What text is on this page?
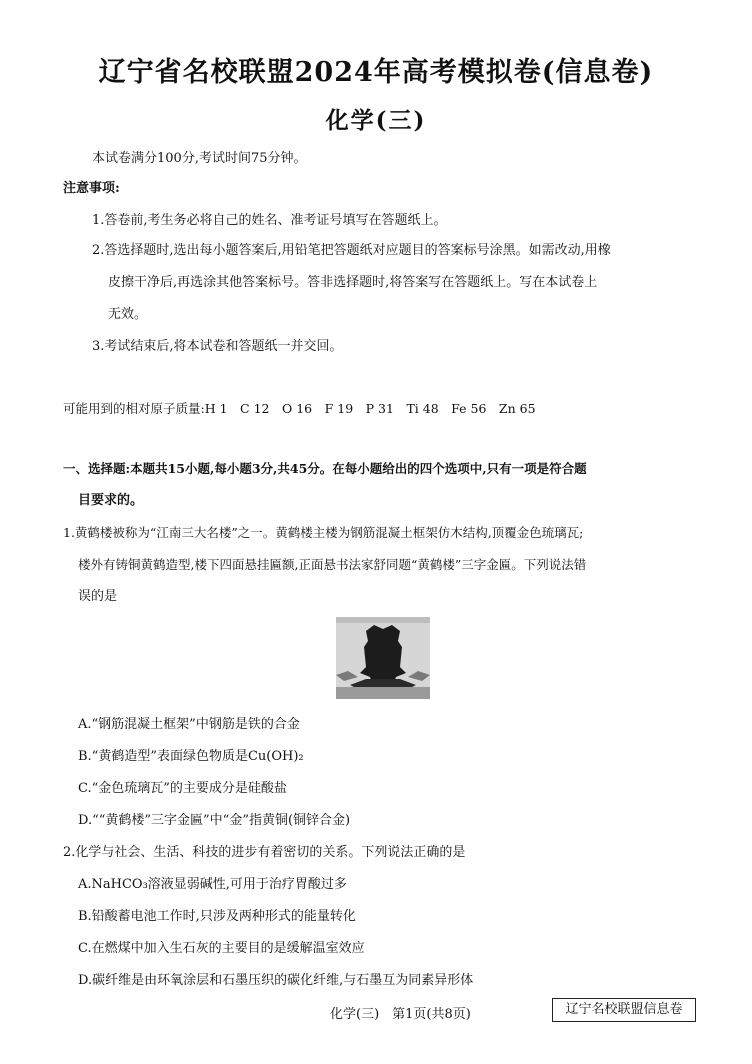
辽宁省名校联盟2024年高考模拟卷(信息卷)
化学(三)
本试卷满分100分,考试时间75分钟。
注意事项:
1.答卷前,考生务必将自己的姓名、准考证号填写在答题纸上。
2.答选择题时,选出每小题答案后,用铅笔把答题纸对应题目的答案标号涂黑。如需改动,用橡
皮擦干净后,再选涂其他答案标号。答非选择题时,将答案写在答题纸上。写在本试卷上
无效。
3.考试结束后,将本试卷和答题纸一并交回。
可能用到的相对原子质量:H 1　C 12　O 16　F 19　P 31　Ti 48　Fe 56　Zn 65
一、选择题:本题共15小题,每小题3分,共45分。在每小题给出的四个选项中,只有一项是符合题
目要求的。
1.黄鹤楼被称为“江南三大名楼”之一。黄鹤楼主楼为钢筋混凝土框架仿木结构,顶覆金色琉璃瓦;
楼外有铸铜黄鹤造型,楼下四面悬挂匾额,正面悬书法家舒同题“黄鹤楼”三字金匾。下列说法错
误的是
A.“钢筋混凝土框架”中钢筋是铁的合金
B.“黄鹤造型”表面绿色物质是Cu(OH)₂
C.“金色琉璃瓦”的主要成分是硅酸盐
D.““黄鹤楼”三字金匾”中“金”指黄铜(铜锌合金)
2.化学与社会、生活、科技的进步有着密切的关系。下列说法正确的是
A.NaHCO₃溶液显弱碱性,可用于治疗胃酸过多
B.铅酸蓄电池工作时,只涉及两种形式的能量转化
C.在燃煤中加入生石灰的主要目的是缓解温室效应
D.碳纤维是由环氧涂层和石墨压织的碳化纤维,与石墨互为同素异形体
化学(三)　第1页(共8页)	辽宁名校联盟信息卷
